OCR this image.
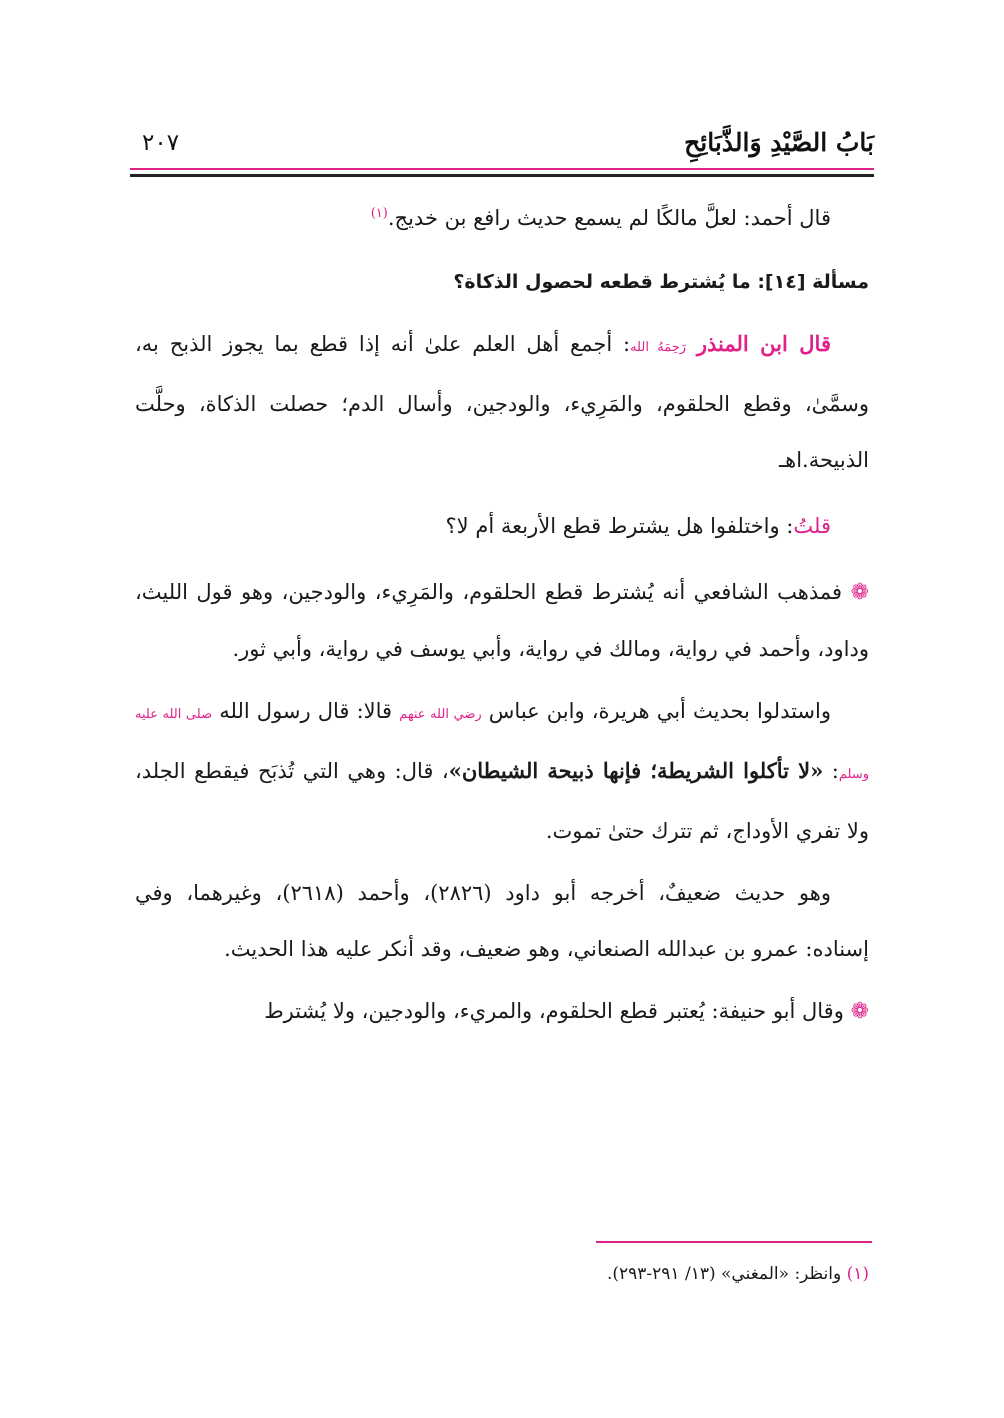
بَابُ الصَّيْدِ وَالذَّبَائِحِ
٢٠٧

قال أحمد: لعلَّ مالكًا لم يسمع حديث رافع بن خديج.$^{(١)}$

مسألة [١٤]: ما يُشترط قطعه لحصول الذكاة؟

قال ابن المنذر رَحِمَهُ الله: أجمع أهل العلم علىٰ أنه إذا قطع بما يجوز الذبح به، وسمَّىٰ، وقطع الحلقوم، والمَرِيء، والودجين، وأسال الدم؛ حصلت الذكاة، وحلَّت الذبيحة.اهـ

قلتُ: واختلفوا هل يشترط قطع الأربعة أم لا؟

❁ فمذهب الشافعي أنه يُشترط قطع الحلقوم، والمَرِيء، والودجين، وهو قول الليث، وداود، وأحمد في رواية، ومالك في رواية، وأبي يوسف في رواية، وأبي ثور.

واستدلوا بحديث أبي هريرة، وابن عباس رضي الله عنهم قالا: قال رسول الله صلى الله عليه وسلم: «لا تأكلوا الشريطة؛ فإنها ذبيحة الشيطان»، قال: وهي التي تُذبَح فيقطع الجلد، ولا تفري الأوداج، ثم تترك حتىٰ تموت.

وهو حديث ضعيفٌ، أخرجه أبو داود (٢٨٢٦)، وأحمد (٢٦١٨)، وغيرهما، وفي إسناده: عمرو بن عبدالله الصنعاني، وهو ضعيف، وقد أنكر عليه هذا الحديث.

❁ وقال أبو حنيفة: يُعتبر قطع الحلقوم، والمريء، والودجين، ولا يُشترط

(١) وانظر: «المغني» (١٣/ ٢٩١-٢٩٣).
